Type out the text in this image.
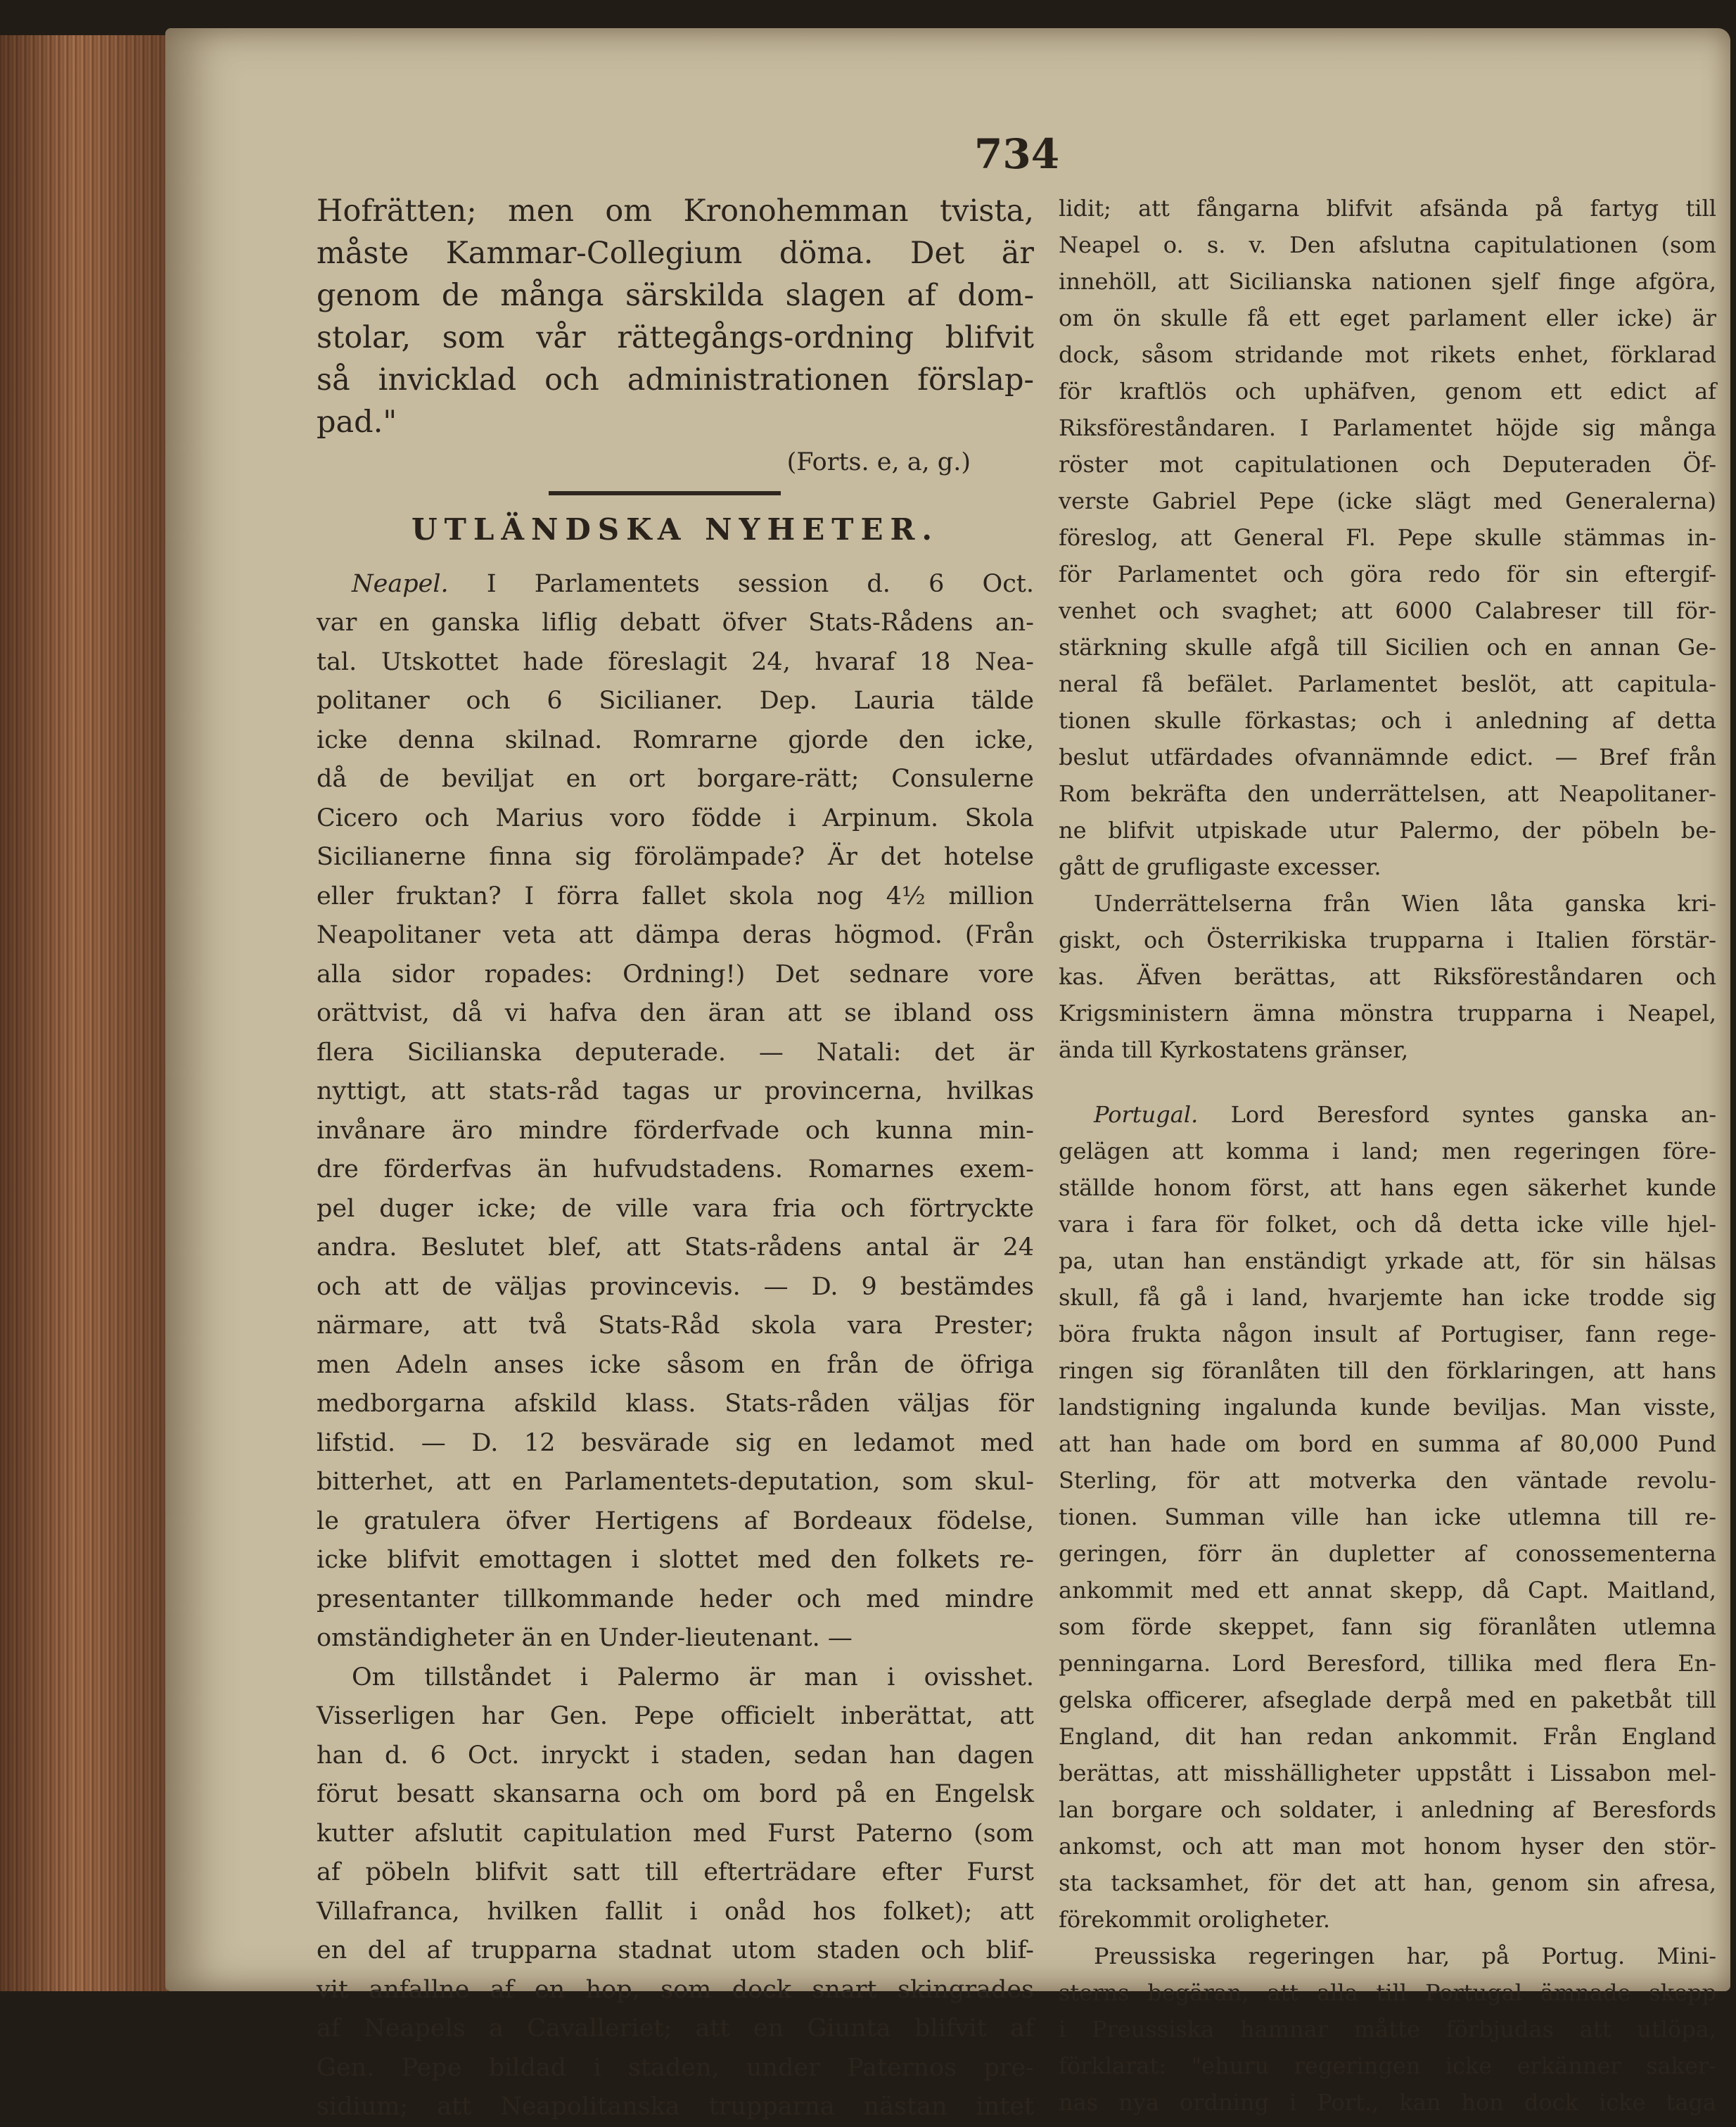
734

Hofrätten; men om Kronohemman tvista,

måste Kammar-Collegium döma. Det är

genom de många särskilda slagen af dom-

stolar, som vår rättegångs-ordning blifvit

så invicklad och administrationen förslap-

pad."

(Forts. e, a, g.)

UTLÄNDSKA NYHETER.

Neapel. I Parlamentets session d. 6 Oct.

var en ganska liflig debatt öfver Stats-Rådens an-

tal. Utskottet hade föreslagit 24, hvaraf 18 Nea-

politaner och 6 Sicilianer. Dep. Lauria tälde

icke denna skilnad. Romrarne gjorde den icke,

då de beviljat en ort borgare-rätt; Consulerne

Cicero och Marius voro födde i Arpinum. Skola

Sicilianerne finna sig förolämpade? Är det hotelse

eller fruktan? I förra fallet skola nog 4½ million

Neapolitaner veta att dämpa deras högmod. (Från

alla sidor ropades: Ordning!) Det sednare vore

orättvist, då vi hafva den äran att se ibland oss

flera Sicilianska deputerade. — Natali: det är

nyttigt, att stats-råd tagas ur provincerna, hvilkas

invånare äro mindre förderfvade och kunna min-

dre förderfvas än hufvudstadens. Romarnes exem-

pel duger icke; de ville vara fria och förtryckte

andra. Beslutet blef, att Stats-rådens antal är 24

och att de väljas provincevis. — D. 9 bestämdes

närmare, att två Stats-Råd skola vara Prester;

men Adeln anses icke såsom en från de öfriga

medborgarna afskild klass. Stats-råden väljas för

lifstid. — D. 12 besvärade sig en ledamot med

bitterhet, att en Parlamentets-deputation, som skul-

le gratulera öfver Hertigens af Bordeaux födelse,

icke blifvit emottagen i slottet med den folkets re-

presentanter tillkommande heder och med mindre

omständigheter än en Under-lieutenant. —

Om tillståndet i Palermo är man i ovisshet.

Visserligen har Gen. Pepe officielt inberättat, att

han d. 6 Oct. inryckt i staden, sedan han dagen

förut besatt skansarna och om bord på en Engelsk

kutter afslutit capitulation med Furst Paterno (som

af pöbeln blifvit satt till efterträdare efter Furst

Villafranca, hvilken fallit i onåd hos folket); att

en del af trupparna stadnat utom staden och blif-

vit anfallne af en hop, som dock snart skingrades

af Neapels a Cavalleriet; att en Giunta blifvit af

Gen. Pepe bildad i staden, under Paternos pre-

sidium; att Neapolitanska trupparna nästan intet

lidit; att fångarna blifvit afsända på fartyg till

Neapel o. s. v. Den afslutna capitulationen (som

innehöll, att Sicilianska nationen sjelf finge afgöra,

om ön skulle få ett eget parlament eller icke) är

dock, såsom stridande mot rikets enhet, förklarad

för kraftlös och uphäfven, genom ett edict af

Riksföreståndaren. I Parlamentet höjde sig många

röster mot capitulationen och Deputeraden Öf-

verste Gabriel Pepe (icke slägt med Generalerna)

föreslog, att General Fl. Pepe skulle stämmas in-

för Parlamentet och göra redo för sin eftergif-

venhet och svaghet; att 6000 Calabreser till för-

stärkning skulle afgå till Sicilien och en annan Ge-

neral få befälet. Parlamentet beslöt, att capitula-

tionen skulle förkastas; och i anledning af detta

beslut utfärdades ofvannämnde edict. — Bref från

Rom bekräfta den underrättelsen, att Neapolitaner-

ne blifvit utpiskade utur Palermo, der pöbeln be-

gått de grufligaste excesser.

Underrättelserna från Wien låta ganska kri-

giskt, och Österrikiska trupparna i Italien förstär-

kas. Äfven berättas, att Riksföreståndaren och

Krigsministern ämna mönstra trupparna i Neapel,

ända till Kyrkostatens gränser,

Portugal. Lord Beresford syntes ganska an-

gelägen att komma i land; men regeringen före-

ställde honom först, att hans egen säkerhet kunde

vara i fara för folket, och då detta icke ville hjel-

pa, utan han enständigt yrkade att, för sin hälsas

skull, få gå i land, hvarjemte han icke trodde sig

böra frukta någon insult af Portugiser, fann rege-

ringen sig föranlåten till den förklaringen, att hans

landstigning ingalunda kunde beviljas. Man visste,

att han hade om bord en summa af 80,000 Pund

Sterling, för att motverka den väntade revolu-

tionen. Summan ville han icke utlemna till re-

geringen, förr än dupletter af conossementerna

ankommit med ett annat skepp, då Capt. Maitland,

som förde skeppet, fann sig föranlåten utlemna

penningarna. Lord Beresford, tillika med flera En-

gelska officerer, afseglade derpå med en paketbåt till

England, dit han redan ankommit. Från England

berättas, att misshälligheter uppstått i Lissabon mel-

lan borgare och soldater, i anledning af Beresfords

ankomst, och att man mot honom hyser den stör-

sta tacksamhet, för det att han, genom sin afresa,

förekommit oroligheter.

Preussiska regeringen har, på Portug. Mini-

sterns begäran, att alla till Portugal ämnade skepp

i Preussiska hamnar måtte förbjudas att utlöpa,

förklarat: "ehuru regeringen icke erkänner saker-

nas nya ordning i Port., kan hon dock icke taga
